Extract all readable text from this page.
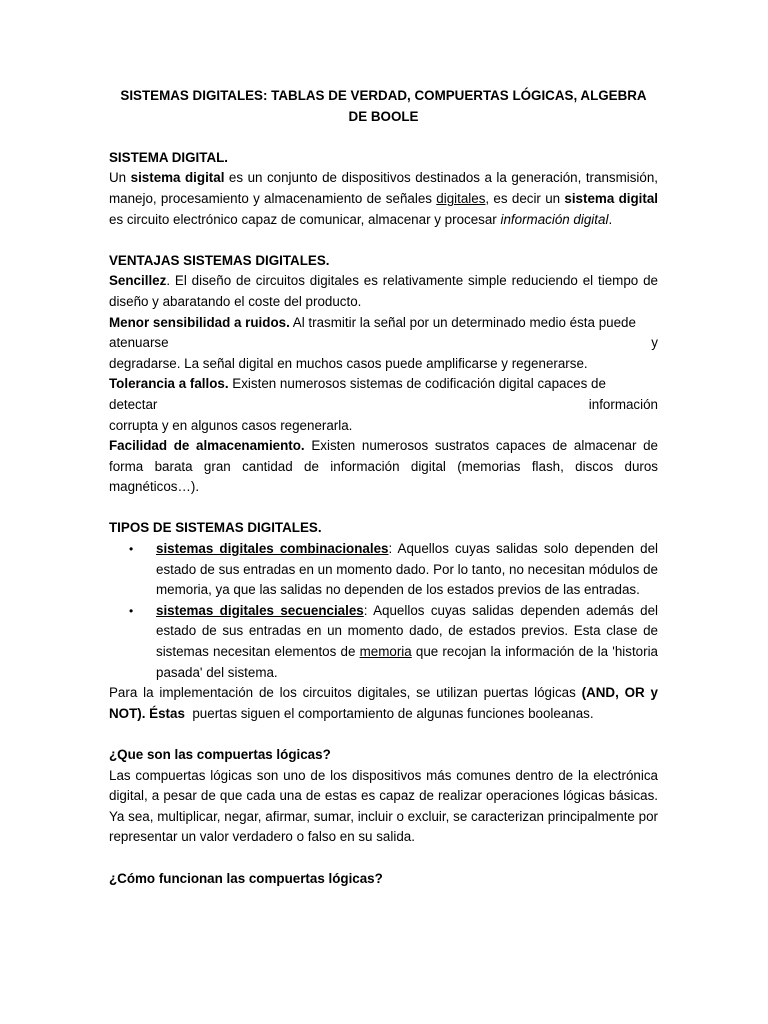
SISTEMAS DIGITALES: TABLAS DE VERDAD, COMPUERTAS LÓGICAS, ALGEBRA DE BOOLE

SISTEMA DIGITAL.

Un sistema digital es un conjunto de dispositivos destinados a la generación, transmisión, manejo, procesamiento y almacenamiento de señales digitales, es decir un sistema digital es circuito electrónico capaz de comunicar, almacenar y procesar información digital.

VENTAJAS SISTEMAS DIGITALES.

Sencillez. El diseño de circuitos digitales es relativamente simple reduciendo el tiempo de diseño y abaratando el coste del producto.

Menor sensibilidad a ruidos. Al trasmitir la señal por un determinado medio ésta puede

atenuarse	y

degradarse. La señal digital en muchos casos puede amplificarse y regenerarse.

Tolerancia a fallos. Existen numerosos sistemas de codificación digital capaces de

detectar	información

corrupta y en algunos casos regenerarla.

Facilidad de almacenamiento. Existen numerosos sustratos capaces de almacenar de forma barata gran cantidad de información digital (memorias flash, discos duros magnéticos…).

TIPOS DE SISTEMAS DIGITALES.

• sistemas digitales combinacionales: Aquellos cuyas salidas solo dependen del estado de sus entradas en un momento dado. Por lo tanto, no necesitan módulos de memoria, ya que las salidas no dependen de los estados previos de las entradas.
• sistemas digitales secuenciales: Aquellos cuyas salidas dependen además del estado de sus entradas en un momento dado, de estados previos. Esta clase de sistemas necesitan elementos de memoria que recojan la información de la 'historia pasada' del sistema.

Para la implementación de los circuitos digitales, se utilizan puertas lógicas (AND, OR y NOT). Éstas  puertas siguen el comportamiento de algunas funciones booleanas.

¿Que son las compuertas lógicas?

Las compuertas lógicas son uno de los dispositivos más comunes dentro de la electrónica digital, a pesar de que cada una de estas es capaz de realizar operaciones lógicas básicas. Ya sea, multiplicar, negar, afirmar, sumar, incluir o excluir, se caracterizan principalmente por representar un valor verdadero o falso en su salida.

¿Cómo funcionan las compuertas lógicas?
